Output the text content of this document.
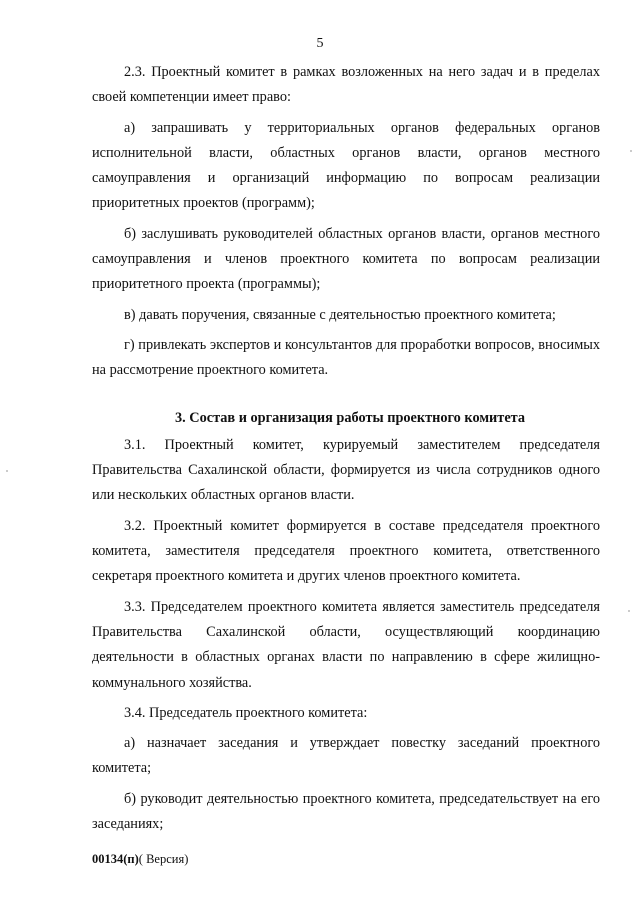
5

2.3. Проектный комитет в рамках возложенных на него задач и в пределах своей компетенции имеет право:

а) запрашивать у территориальных органов федеральных органов исполнительной власти, областных органов власти, органов местного самоуправления и организаций информацию по вопросам реализации приоритетных проектов (программ);

б) заслушивать руководителей областных органов власти, органов местного самоуправления и членов проектного комитета по вопросам реализации приоритетного проекта (программы);

в) давать поручения, связанные с деятельностью проектного комитета;

г) привлекать экспертов и консультантов для проработки вопросов, вносимых на рассмотрение проектного комитета.

3. Состав и организация работы проектного комитета

3.1. Проектный комитет, курируемый заместителем председателя Правительства Сахалинской области, формируется из числа сотрудников одного или нескольких областных органов власти.

3.2. Проектный комитет формируется в составе председателя проектного комитета, заместителя председателя проектного комитета, ответственного секретаря проектного комитета и других членов проектного комитета.

3.3. Председателем проектного комитета является заместитель председателя Правительства Сахалинской области, осуществляющий координацию деятельности в областных органах власти по направлению в сфере жилищно-коммунального хозяйства.

3.4. Председатель проектного комитета:

а) назначает заседания и утверждает повестку заседаний проектного комитета;

б) руководит деятельностью проектного комитета, председательствует на его заседаниях;

00134(п)( Версия)
